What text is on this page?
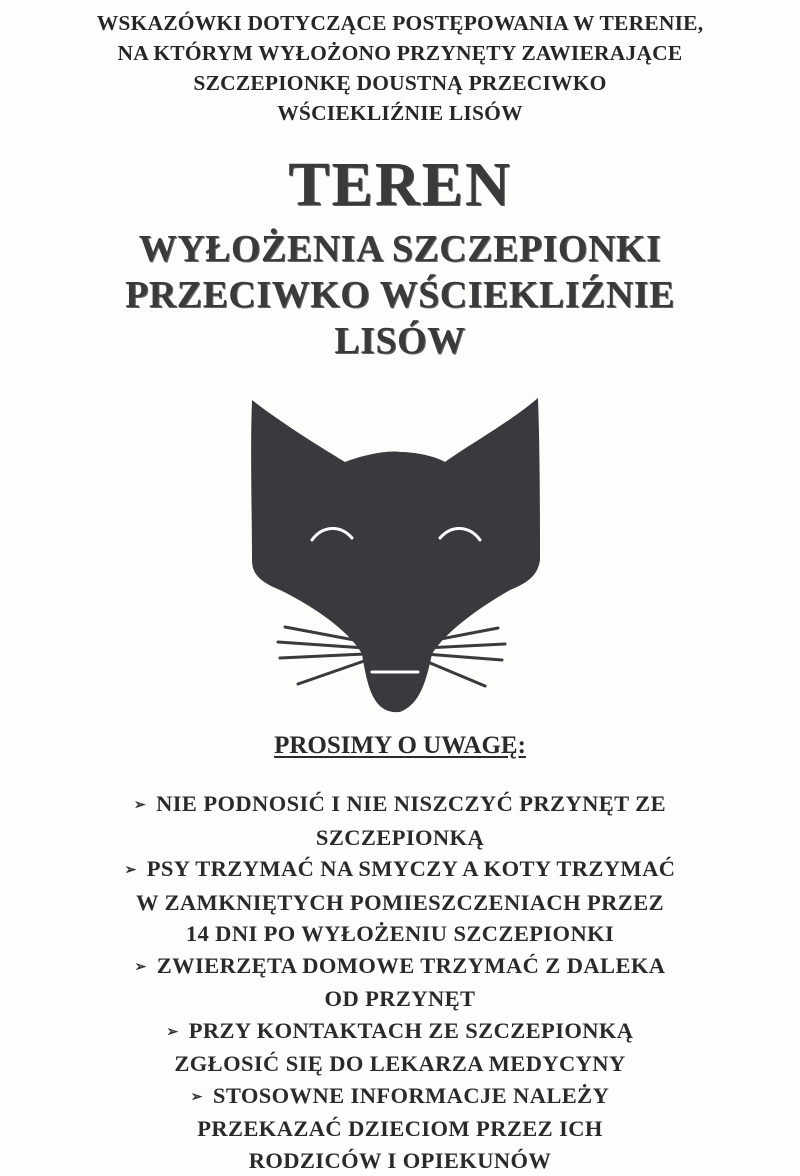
WSKAZÓWKI DOTYCZĄCE POSTĘPOWANIA W TERENIE,
NA KTÓRYM WYŁOŻONO PRZYNĘTY ZAWIERAJĄCE
SZCZEPIONKĘ DOUSTNĄ PRZECIWKO
WŚCIEKLIŹNIE LISÓW
TEREN
WYŁOŻENIA SZCZEPIONKI
PRZECIWKO WŚCIEKLIŹNIE
LISÓW
PROSIMY O UWAGĘ:
➢ NIE PODNOSIĆ I NIE NISZCZYĆ PRZYNĘT ZE
SZCZEPIONKĄ
➢ PSY TRZYMAĆ NA SMYCZY A KOTY TRZYMAĆ
W ZAMKNIĘTYCH POMIESZCZENIACH PRZEZ
14 DNI PO WYŁOŻENIU SZCZEPIONKI
➢ ZWIERZĘTA DOMOWE TRZYMAĆ Z DALEKA
OD PRZYNĘT
➢ PRZY KONTAKTACH ZE SZCZEPIONKĄ
ZGŁOSIĆ SIĘ DO LEKARZA MEDYCYNY
➢ STOSOWNE INFORMACJE NALEŻY
PRZEKAZAĆ DZIECIOM PRZEZ ICH
RODZICÓW I OPIEKUNÓW
